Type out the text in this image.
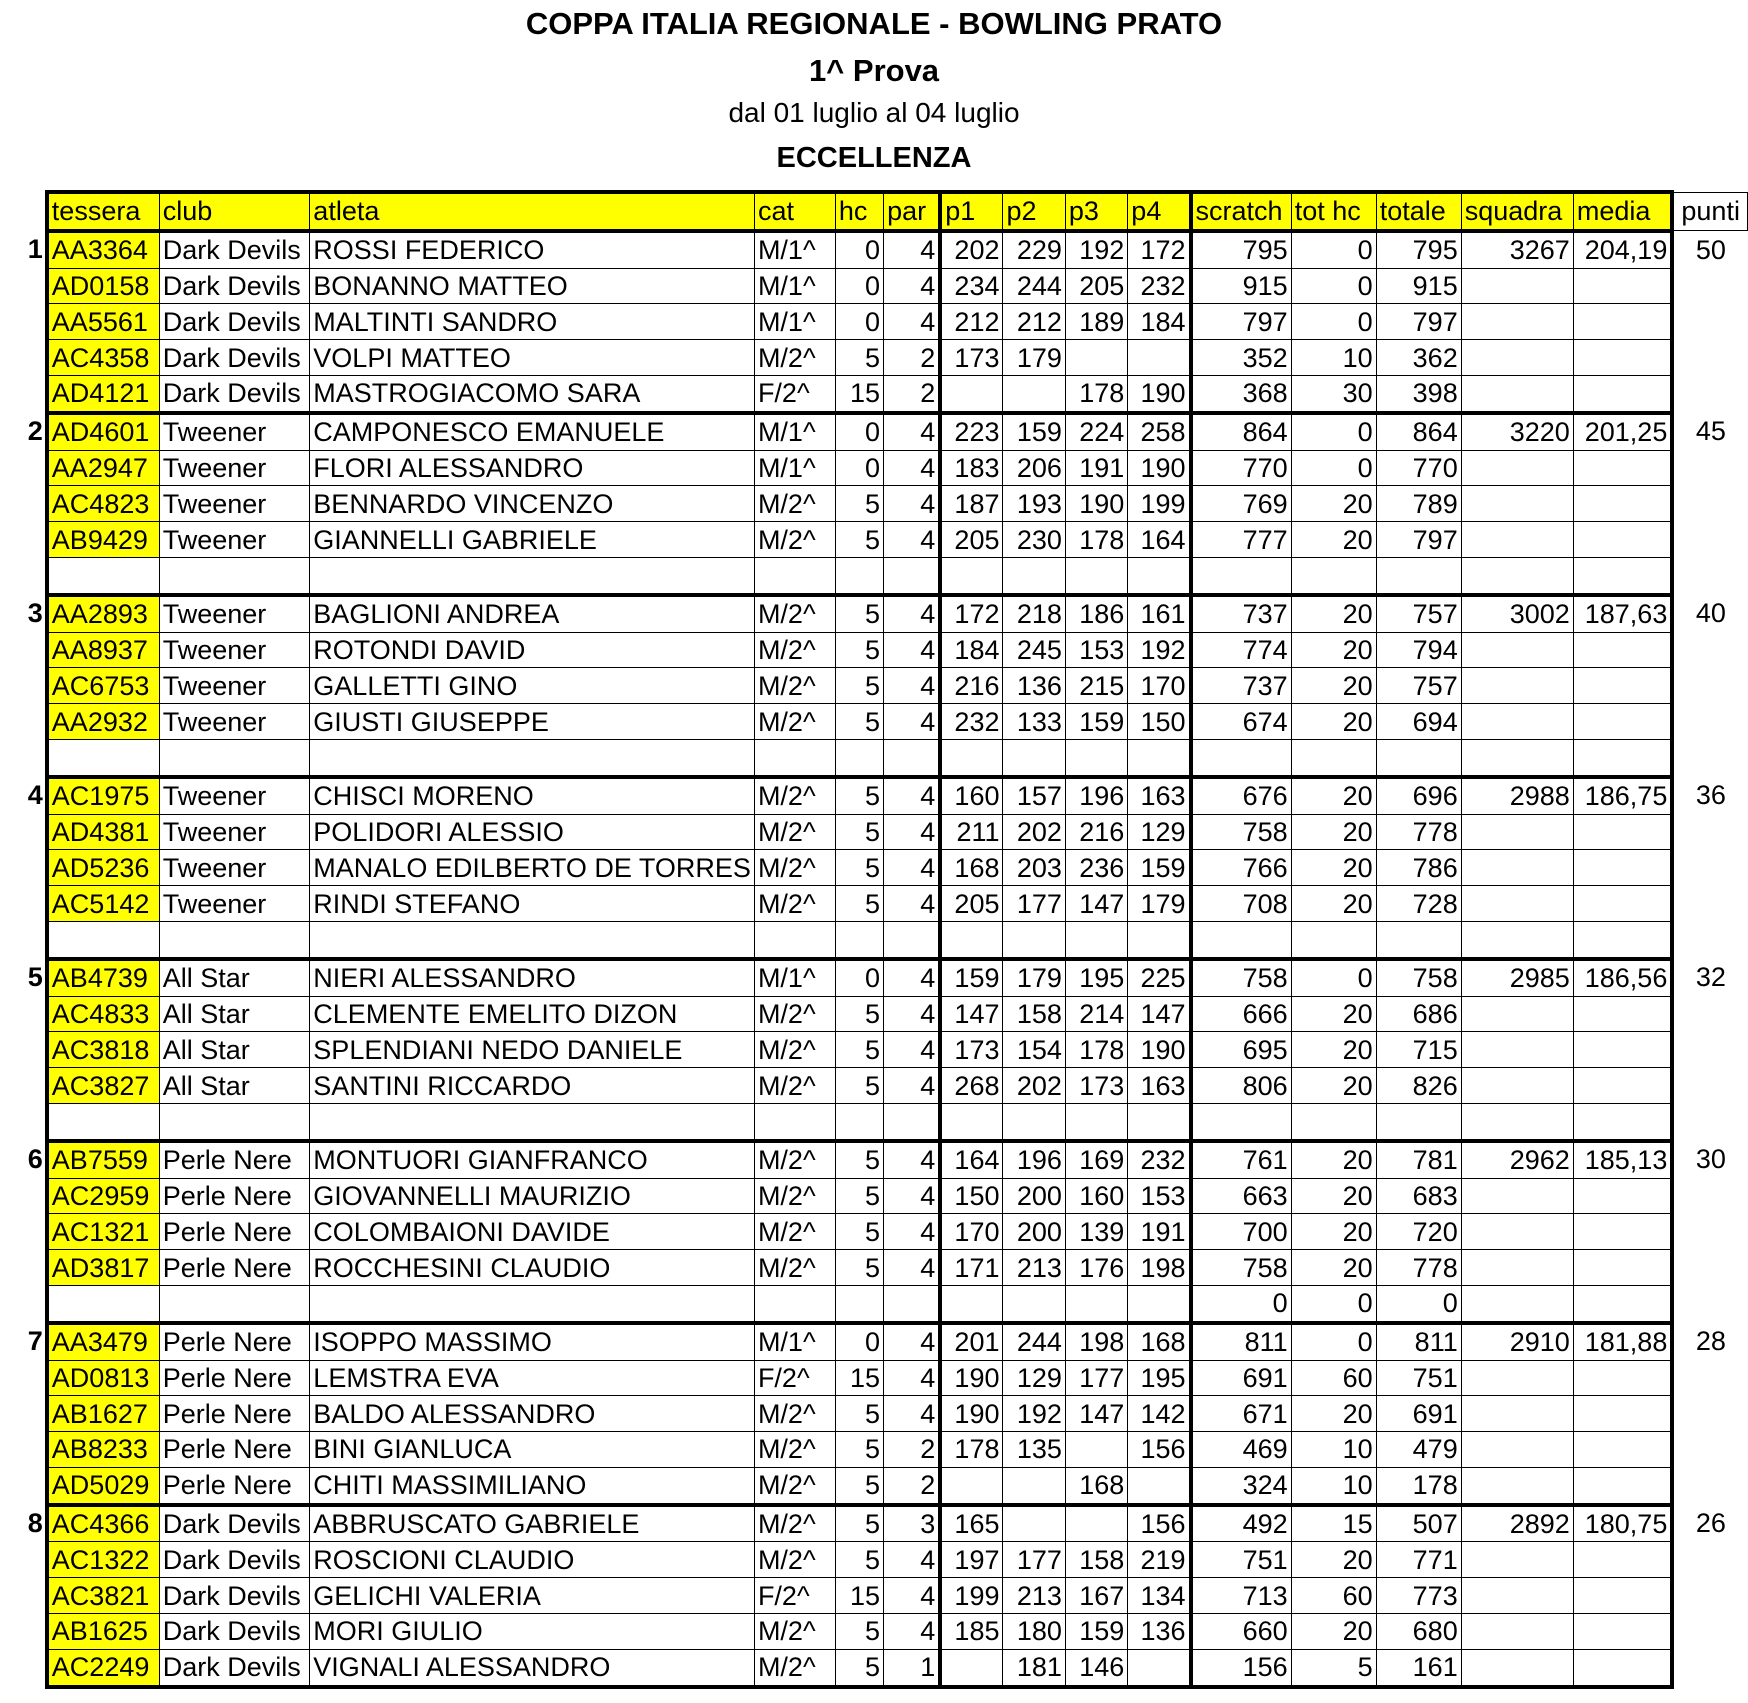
COPPA ITALIA REGIONALE - BOWLING PRATO
1^ Prova
dal 01 luglio al 04 luglio
ECCELLENZA
	tessera	club	atleta	cat	hc	par	p1	p2	p3	p4	scratch	tot hc	totale	squadra	media	punti
1	AA3364	Dark Devils	ROSSI FEDERICO	M/1^	0	4	202	229	192	172	795	0	795	3267	204,19	50
	AD0158	Dark Devils	BONANNO MATTEO	M/1^	0	4	234	244	205	232	915	0	915			
	AA5561	Dark Devils	MALTINTI SANDRO	M/1^	0	4	212	212	189	184	797	0	797			
	AC4358	Dark Devils	VOLPI MATTEO	M/2^	5	2	173	179			352	10	362			
	AD4121	Dark Devils	MASTROGIACOMO SARA	F/2^	15	2			178	190	368	30	398			
2	AD4601	Tweener	CAMPONESCO EMANUELE	M/1^	0	4	223	159	224	258	864	0	864	3220	201,25	45
	AA2947	Tweener	FLORI ALESSANDRO	M/1^	0	4	183	206	191	190	770	0	770			
	AC4823	Tweener	BENNARDO VINCENZO	M/2^	5	4	187	193	190	199	769	20	789			
	AB9429	Tweener	GIANNELLI GABRIELE	M/2^	5	4	205	230	178	164	777	20	797			

3	AA2893	Tweener	BAGLIONI ANDREA	M/2^	5	4	172	218	186	161	737	20	757	3002	187,63	40
	AA8937	Tweener	ROTONDI DAVID	M/2^	5	4	184	245	153	192	774	20	794			
	AC6753	Tweener	GALLETTI GINO	M/2^	5	4	216	136	215	170	737	20	757			
	AA2932	Tweener	GIUSTI GIUSEPPE	M/2^	5	4	232	133	159	150	674	20	694			

4	AC1975	Tweener	CHISCI MORENO	M/2^	5	4	160	157	196	163	676	20	696	2988	186,75	36
	AD4381	Tweener	POLIDORI ALESSIO	M/2^	5	4	211	202	216	129	758	20	778			
	AD5236	Tweener	MANALO EDILBERTO DE TORRES	M/2^	5	4	168	203	236	159	766	20	786			
	AC5142	Tweener	RINDI STEFANO	M/2^	5	4	205	177	147	179	708	20	728			

5	AB4739	All Star	NIERI ALESSANDRO	M/1^	0	4	159	179	195	225	758	0	758	2985	186,56	32
	AC4833	All Star	CLEMENTE EMELITO DIZON	M/2^	5	4	147	158	214	147	666	20	686			
	AC3818	All Star	SPLENDIANI NEDO DANIELE	M/2^	5	4	173	154	178	190	695	20	715			
	AC3827	All Star	SANTINI RICCARDO	M/2^	5	4	268	202	173	163	806	20	826			

6	AB7559	Perle Nere	MONTUORI GIANFRANCO	M/2^	5	4	164	196	169	232	761	20	781	2962	185,13	30
	AC2959	Perle Nere	GIOVANNELLI MAURIZIO	M/2^	5	4	150	200	160	153	663	20	683			
	AC1321	Perle Nere	COLOMBAIONI DAVIDE	M/2^	5	4	170	200	139	191	700	20	720			
	AD3817	Perle Nere	ROCCHESINI CLAUDIO	M/2^	5	4	171	213	176	198	758	20	778			
											0	0	0			
7	AA3479	Perle Nere	ISOPPO MASSIMO	M/1^	0	4	201	244	198	168	811	0	811	2910	181,88	28
	AD0813	Perle Nere	LEMSTRA EVA	F/2^	15	4	190	129	177	195	691	60	751			
	AB1627	Perle Nere	BALDO ALESSANDRO	M/2^	5	4	190	192	147	142	671	20	691			
	AB8233	Perle Nere	BINI GIANLUCA	M/2^	5	2	178	135		156	469	10	479			
	AD5029	Perle Nere	CHITI MASSIMILIANO	M/2^	5	2			168		324	10	178			
8	AC4366	Dark Devils	ABBRUSCATO GABRIELE	M/2^	5	3	165			156	492	15	507	2892	180,75	26
	AC1322	Dark Devils	ROSCIONI CLAUDIO	M/2^	5	4	197	177	158	219	751	20	771			
	AC3821	Dark Devils	GELICHI VALERIA	F/2^	15	4	199	213	167	134	713	60	773			
	AB1625	Dark Devils	MORI GIULIO	M/2^	5	4	185	180	159	136	660	20	680			
	AC2249	Dark Devils	VIGNALI ALESSANDRO	M/2^	5	1		181	146		156	5	161			
